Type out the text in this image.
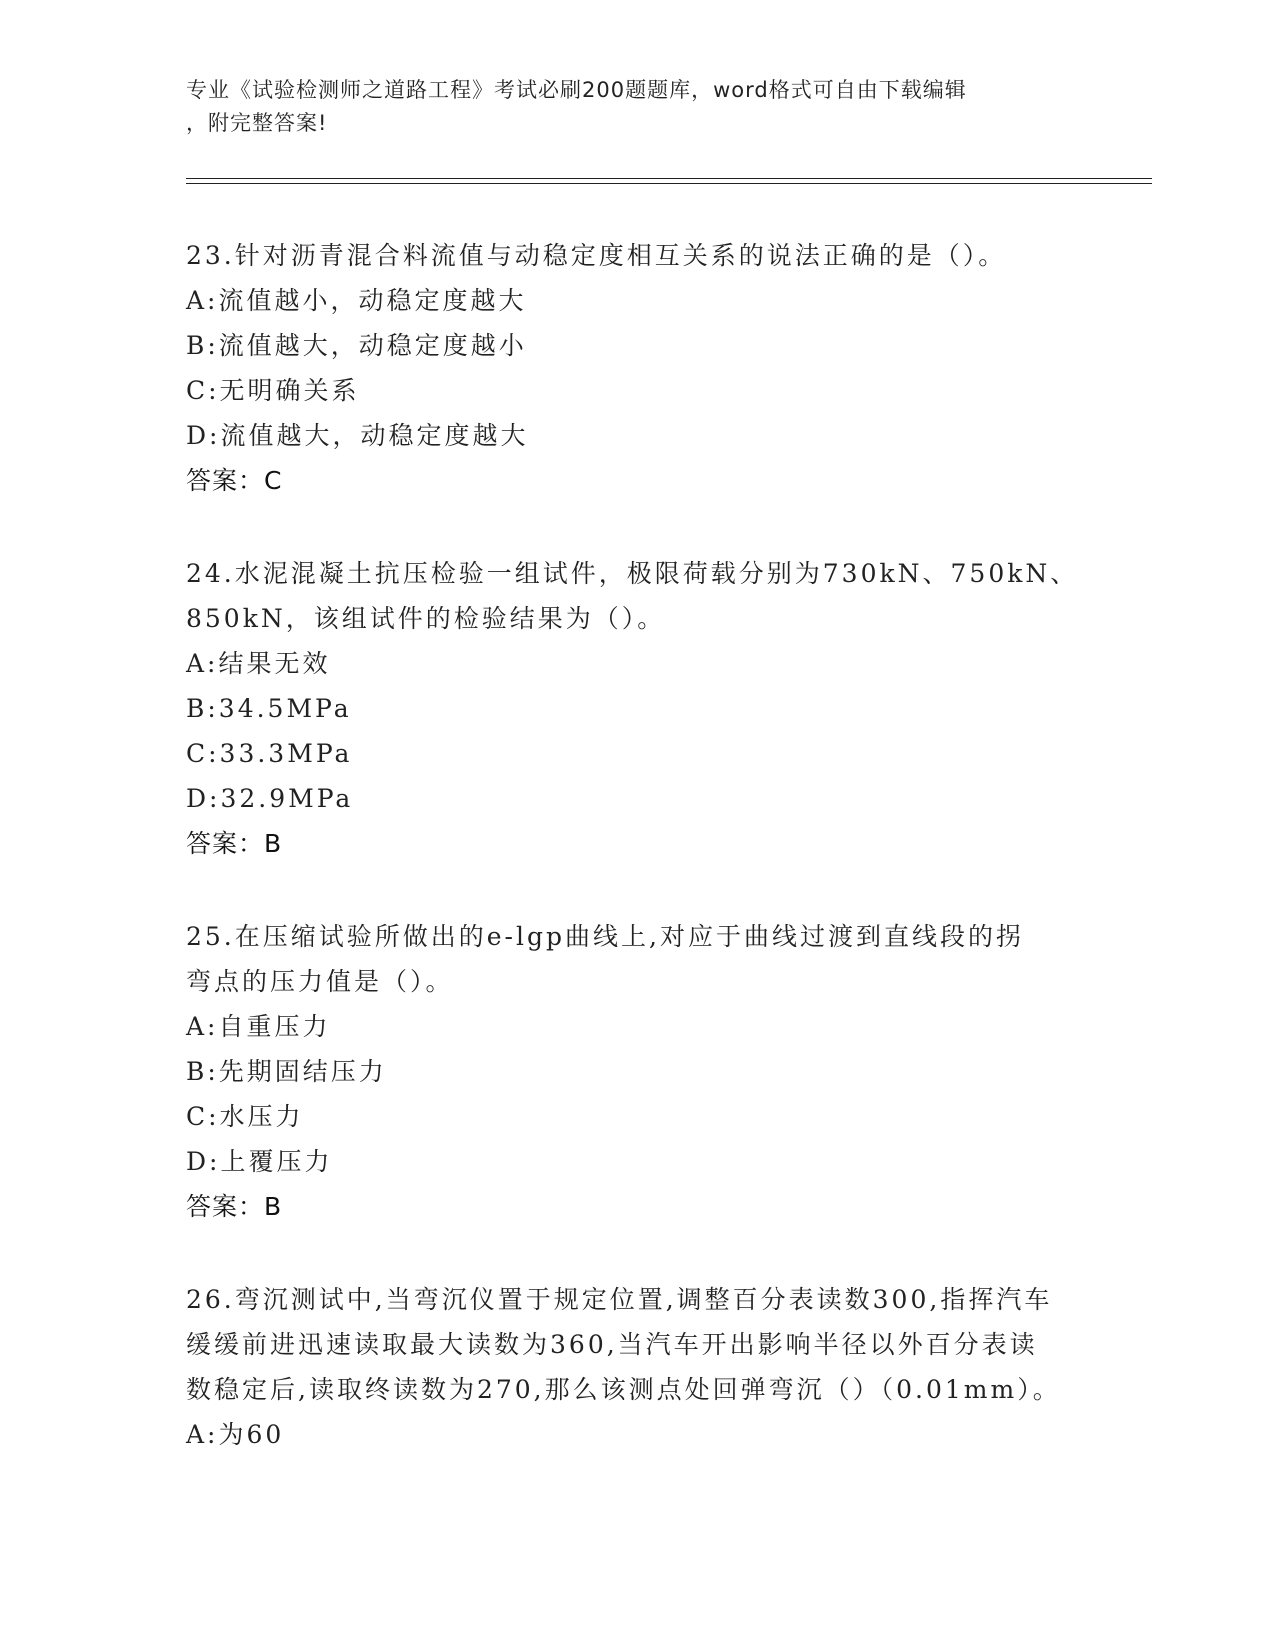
专业《试验检测师之道路工程》考试必刷200题题库，word格式可自由下载编辑
，附完整答案!
23.针对沥青混合料流值与动稳定度相互关系的说法正确的是（）。
A:流值越小，动稳定度越大
B:流值越大，动稳定度越小
C:无明确关系
D:流值越大，动稳定度越大
答案：C
24.水泥混凝土抗压检验一组试件，极限荷载分别为730kN、750kN、
850kN，该组试件的检验结果为（）。
A:结果无效
B:34.5MPa
C:33.3MPa
D:32.9MPa
答案：B
25.在压缩试验所做出的e-lgp曲线上,对应于曲线过渡到直线段的拐
弯点的压力值是（）。
A:自重压力
B:先期固结压力
C:水压力
D:上覆压力
答案：B
26.弯沉测试中,当弯沉仪置于规定位置,调整百分表读数300,指挥汽车
缓缓前进迅速读取最大读数为360,当汽车开出影响半径以外百分表读
数稳定后,读取终读数为270,那么该测点处回弹弯沉（）（0.01mm）。
A:为60
